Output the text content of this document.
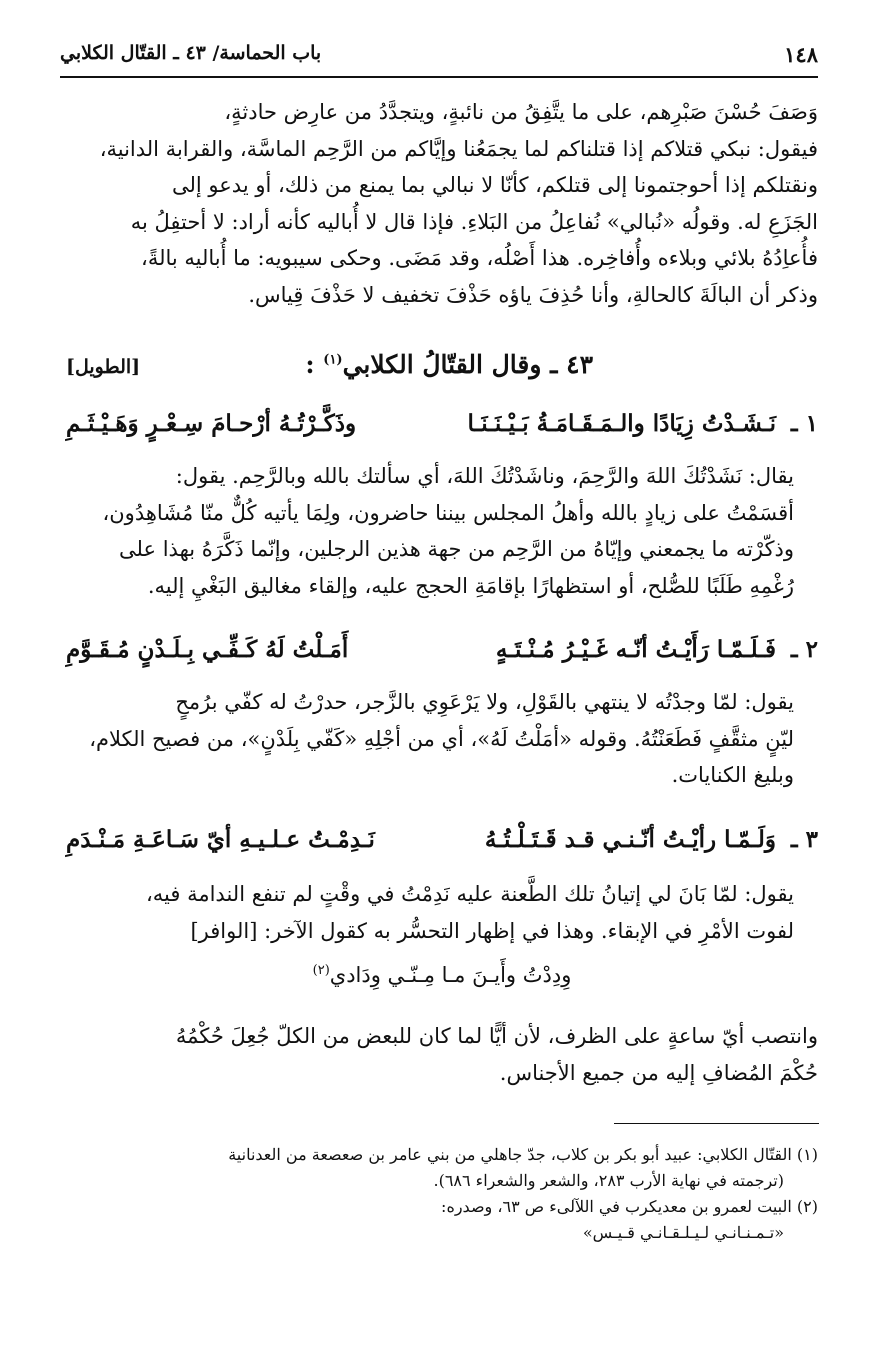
١٤٨
باب الحماسة/ ٤٣ ـ القتّال الكلابي
وَصَفَ حُسْنَ صَبْرِهم، على ما يتَّفِقُ من نائبةٍ، ويتجدَّدُ من عارِض حادثةٍ،
فيقول: نبكي قتلاكم إذا قتلناكم لما يجمَعُنا وإيَّاكم من الرَّحِم الماسَّة، والقرابة الدانية،
ونقتلكم إذا أحوجتمونا إلى قتلكم، كأنّا لا نبالي بما يمنع من ذلك، أو يدعو إلى
الجَزَعِ له. وقولُه «نُبالي» نُفاعِلُ من البَلاءِ. فإذا قال لا أُباليه كأنه أراد: لا أحتفِلُ به
فأُعاِدُهُ بلائي وبلاءه وأُفاخِره. هذا أَصْلُه، وقد مَضَى. وحكى سيبويه: ما أُباليه بالةً،
وذكر أن البالَةَ كالحالةِ، وأنا حُذِفَ ياؤه حَذْفَ تخفيف لا حَذْفَ قِياس.
٤٣ ـ وقال القتّالُ الكلابي$^{(١)}$ :
[الطويل]
١ ـ
نَـشَـدْتُ زِيَادًا والـمَـقَـامَـةُ بَـيْـنَـنَـا
وذَكَّـرْتُـهُ أرْحـامَ سِـعْـرٍ وَهَـيْـثَـمِ
يقال: نَشَدْتُكَ اللهَ والرَّحِمَ، وناشَدْتُكَ اللهَ، أي سألتك بالله وبالرَّحِم. يقول:
أقسَمْتُ على زيادٍ بالله وأهلُ المجلس بيننا حاضرون، ولِمَا يأتيه كُلٌّ منّا مُشَاهِدُون،
وذكّرْته ما يجمعني وإيّاهُ من الرَّحِم من جهة هذين الرجلين، وإنّما ذَكَّرَهُ بهذا على
رُغْمِهِ طَلَبًا للصُّلح، أو استظهارًا بإقامَةِ الحجج عليه، وإلقاء مغاليق البَغْيِ إليه.
٢ ـ
فَـلَـمّـا رَأَيْـتُ أنّـه غَـيْـرُ مُـنْـتَـهٍ
أَمَـلْتُ لَهُ كَـفِّـي بِـلَـدْنٍ مُـقَـوَّمِ
يقول: لمّا وجدْتُه لا ينتهي بالقَوْلِ، ولا يَرْعَوِي بالزَّجر، حدرْتُ له كفّي برُمحٍ
ليّنٍ مثقَّفٍ فَطَعَنْتُهُ. وقوله «أمَلْتُ لَهُ»، أي من أجْلِهِ «كَفّي بِلَدْنٍ»، من فصيح الكلام،
وبليغ الكنايات.
٣ ـ
وَلَـمّـا رأيْـتُ أنّـنـي قـد قَـتَـلْـتُـهُ
نَـدِمْـتُ عـلـيـهِ أيّ سَـاعَـةِ مَـنْـدَمِ
يقول: لمّا بَانَ لي إتيانُ تلك الطَّعنة عليه نَدِمْتُ في وقْتٍ لم تنفع الندامة فيه،
لفوت الأمْرِ في الإبقاء. وهذا في إظهار التحسُّر به كقول الآخر: [الوافر]
وِدِدْتُ وأَيـنَ مـا مِـنّـي وِدَادي$^{(٢)}$
وانتصب أيّ ساعةٍ على الظرف، لأن أيًّا لما كان للبعض من الكلّ جُعِلَ حُكْمُهُ
حُكْمَ المُضافِ إليه من جميع الأجناس.
(١) القتّال الكلابي: عبيد أبو بكر بن كلاب، جدّ جاهلي من بني عامر بن صعصعة من العدنانية
(ترجمته في نهاية الأرب ٢٨٣، والشعر والشعراء ٦٨٦).
(٢) البيت لعمرو بن معديكرب في اللآلىء ص ٦٣، وصدره:
«تـمـنـانـي لـيـلـقـانـي قـيـس»
